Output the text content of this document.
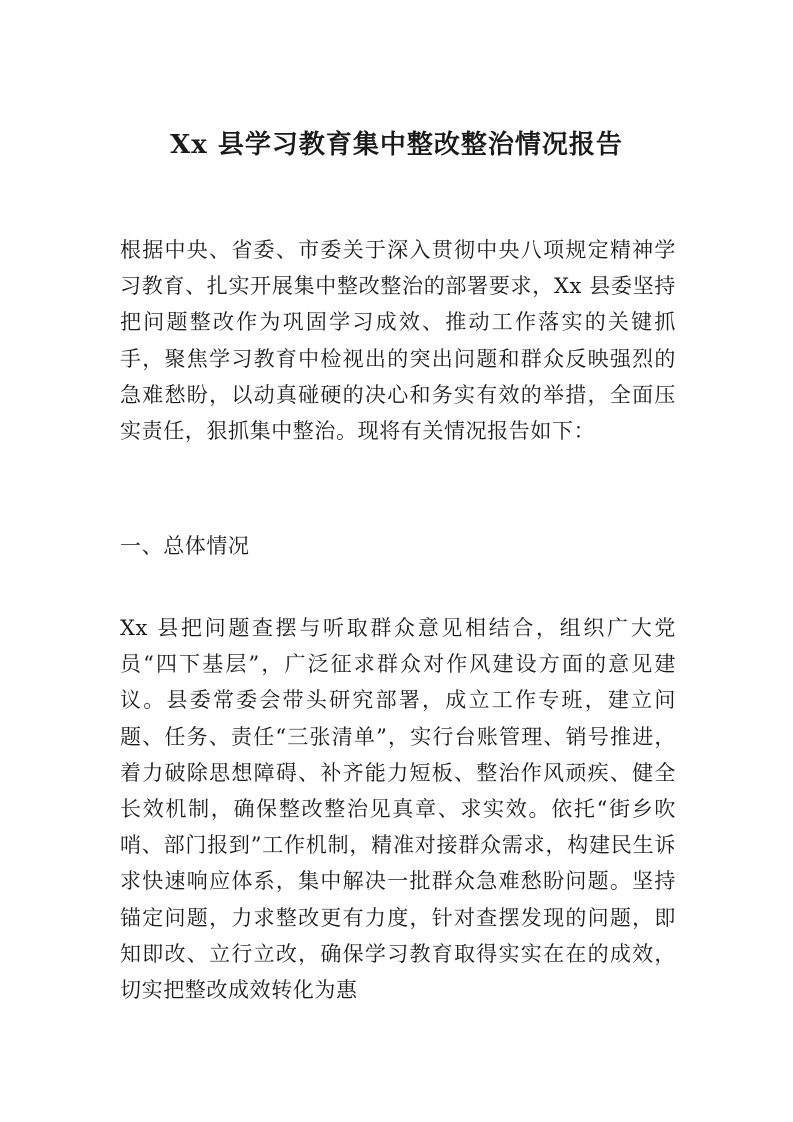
Xx 县学习教育集中整改整治情况报告

根据中央、省委、市委关于深入贯彻中央八项规定精神学习教育、扎实开展集中整改整治的部署要求，Xx 县委坚持把问题整改作为巩固学习成效、推动工作落实的关键抓手，聚焦学习教育中检视出的突出问题和群众反映强烈的急难愁盼，以动真碰硬的决心和务实有效的举措，全面压实责任，狠抓集中整治。现将有关情况报告如下：

一、总体情况

Xx 县把问题查摆与听取群众意见相结合，组织广大党员“四下基层”，广泛征求群众对作风建设方面的意见建议。县委常委会带头研究部署，成立工作专班，建立问题、任务、责任“三张清单”，实行台账管理、销号推进，着力破除思想障碍、补齐能力短板、整治作风顽疾、健全长效机制，确保整改整治见真章、求实效。依托“街乡吹哨、部门报到”工作机制，精准对接群众需求，构建民生诉求快速响应体系，集中解决一批群众急难愁盼问题。坚持锚定问题，力求整改更有力度，针对查摆发现的问题，即知即改、立行立改，确保学习教育取得实实在在的成效，切实把整改成效转化为惠
